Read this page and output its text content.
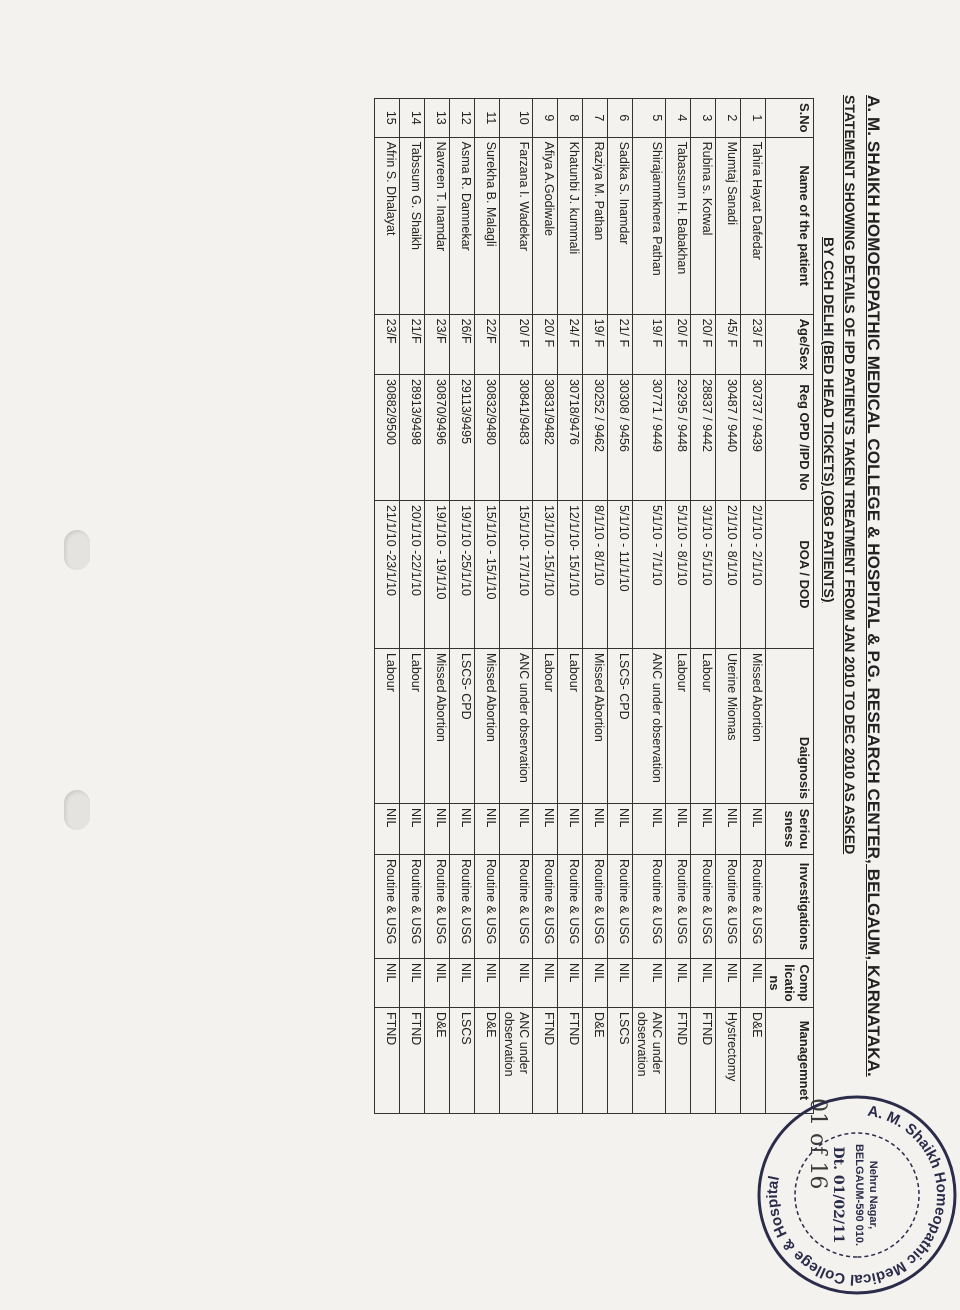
A. M. SHAIKH HOMOEOPATHIC MEDICAL COLLEGE & HOSPITAL & P.G. RESEARCH CENTER, BELGAUM, KARNATAKA.
STATEMENT SHOWING DETAILS OF IPD PATIENTS TAKEN TREATMENT FROM JAN 2010 TO DEC 2010 AS ASKED
BY CCH DELHI (BED HEAD TICKETS) (OBG PATIENTS)
S.No	Name of the patient	Age/Sex	Reg OPD /IPD No	DOA / DOD	Daignosis	Seriousness	Investigations	Complications	Managemnet
1	Tahira Hayat Dafedar	23/ F	30737 / 9439	2/1/10 - 2/1/10	Missed Abortion	NIL	Routine & USG	NIL	D&E
2	Mumtaj Sanadi	45/ F	30487 / 9440	2/1/10 - 8/1/10	Uterine Miomas	NIL	Routine & USG	NIL	Hystrectomy
3	Rubina s. Kotwal	20/ F	28837 / 9442	3/1/10 - 5/1/10	Labour	NIL	Routine & USG	NIL	FTND
4	Tabassum H. Babakhan	20/ F	29295 / 9448	5/1/10 - 8/1/10	Labour	NIL	Routine & USG	NIL	FTND
5	Shirajammknera Pathan	19/ F	30771 / 9449	5/1/10 - 7/1/10	ANC under observation	NIL	Routine & USG	NIL	ANC under observation
6	Sadika S. Inamdar	21/ F	30308 / 9456	5/1/10 - 11/1/10	LSCS- CPD	NIL	Routine & USG	NIL	LSCS
7	Raziya M. Pathan	19/ F	30252 / 9462	8/1/10 - 8/1/10	Missed Abortion	NIL	Routine & USG	NIL	D&E
8	Khatunbi J. kummali	24/ F	30718/9476	12/1/10- 15/1/10	Labour	NIL	Routine & USG	NIL	FTND
9	Afiya A.Godiwale	20/ F	30831/9482	13/1/10 -15/1/10	Labour	NIL	Routine & USG	NIL	FTND
10	Farzana I. Wadekar	20/ F	30841/9483	15/1/10- 17/1/10	ANC under observation	NIL	Routine & USG	NIL	ANC under observation
11	Surekha B. Malagli	22/F	30832/9480	15/1/10 - 15/1/10	Missed Abortion	NIL	Routine & USG	NIL	D&E
12	Asma R. Damnekar	26/F	29113/9495	19/1/10 -25/1/10	LSCS- CPD	NIL	Routine & USG	NIL	LSCS
13	Navreen T. Inamdar	23/F	30870/9496	19/1/10 - 19/1/10	Missed Abortion	NIL	Routine & USG	NIL	D&E
14	Tabssum G. Shaikh	21/F	28913/9498	20/1/10 -22/1/10	Labour	NIL	Routine & USG	NIL	FTND
15	Afrin S. Dhalayat	23/F	30882/9500	21/1/10 -23/1/10	Labour	NIL	Routine & USG	NIL	FTND
01 of 16	A. M. Shaikh Homeopathic Medical College & Hospital	Nehru Nagar,
BELGAUM-590 010.
Dt. 01/02/11
